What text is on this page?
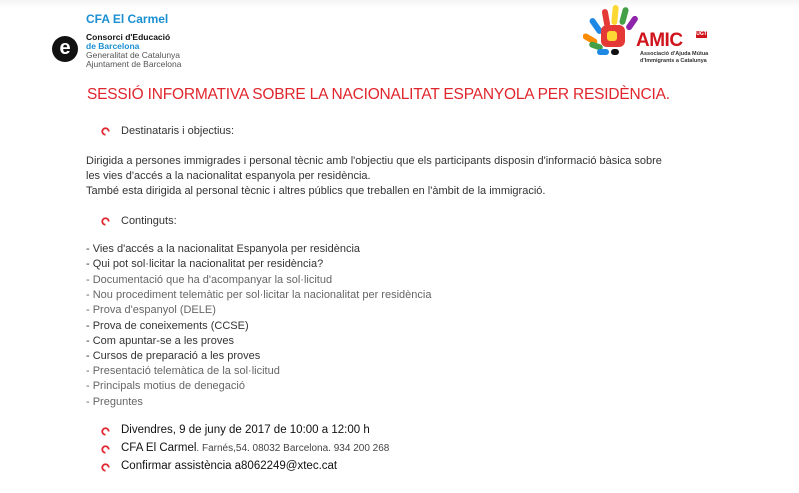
CFA El Carmel
e	Consorci d'Educació
de Barcelona
Generalitat de Catalunya
Ajuntament de Barcelona
AMIC	UGT
Associació d'Ajuda Mútua
d'Immigrants a Catalunya
SESSIÓ INFORMATIVA SOBRE LA NACIONALITAT ESPANYOLA PER RESIDÈNCIA.
Destinataris i objectius:
Dirigida a persones immigrades i personal tècnic amb l'objectiu que els participants disposin d'informació bàsica sobre
les vies d'accés a la nacionalitat espanyola per residència.
També esta dirigida al personal tècnic i altres públics que treballen en l'àmbit de la immigració.
Continguts:
- Vies d'accés a la nacionalitat Espanyola per residència
- Qui pot sol·licitar la nacionalitat per residència?
- Documentació que ha d'acompanyar la sol·licitud
- Nou procediment telemàtic per sol·licitar la nacionalitat per residència
- Prova d'espanyol (DELE)
- Prova de coneixements (CCSE)
- Com apuntar-se a les proves
- Cursos de preparació a les proves
- Presentació telemàtica de la sol·licitud
- Principals motius de denegació
- Preguntes
Divendres, 9 de juny de 2017 de 10:00 a 12:00 h
CFA El Carmel. Farnés,54. 08032 Barcelona. 934 200 268
Confirmar assistència a8062249@xtec.cat
